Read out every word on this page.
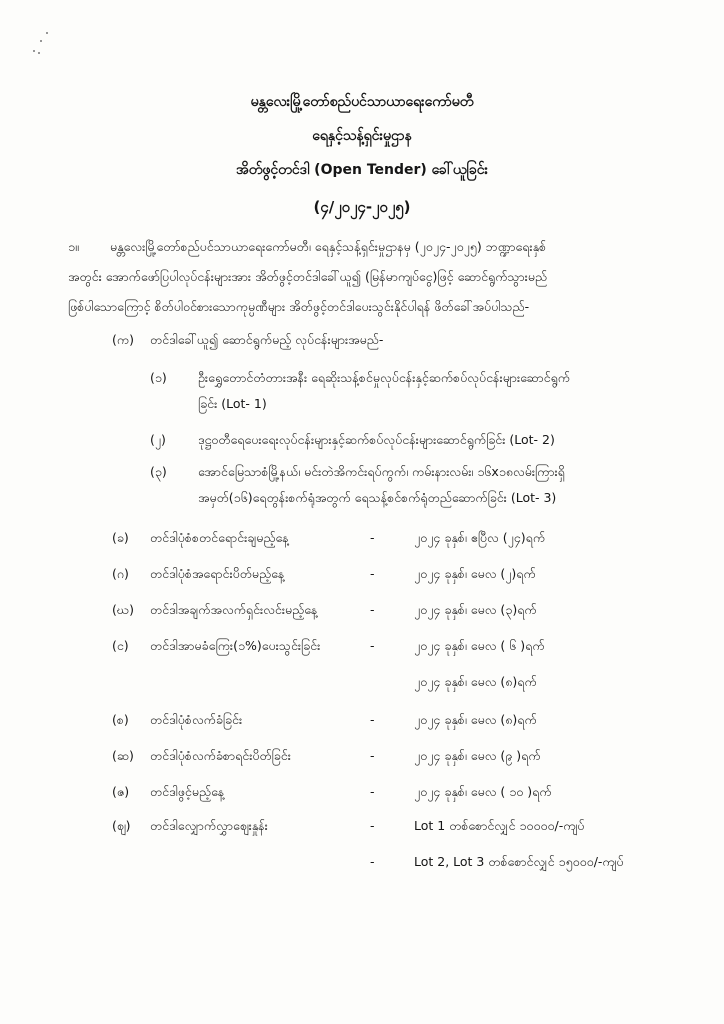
မန္တလေးမြို့တော်စည်ပင်သာယာရေးကော်မတီ
ရေနှင့်သန့်ရှင်းမှုဌာန
အိတ်ဖွင့်တင်ဒါ (Open Tender) ခေါ်ယူခြင်း
(၄/၂၀၂၄-၂၀၂၅)
၁။ မန္တလေးမြို့တော်စည်ပင်သာယာရေးကော်မတီ၊ ရေနှင့်သန့်ရှင်းမှုဌာနမှ (၂၀၂၄-၂၀၂၅) ဘဏ္ဍာရေးနှစ်
အတွင်း အောက်ဖော်ပြပါလုပ်ငန်းများအား အိတ်ဖွင့်တင်ဒါခေါ်ယူ၍ (မြန်မာကျပ်ငွေ)ဖြင့် ဆောင်ရွက်သွားမည်
ဖြစ်ပါသောကြောင့် စိတ်ပါဝင်စားသောကုမ္ပဏီများ အိတ်ဖွင့်တင်ဒါပေးသွင်းနိုင်ပါရန် ဖိတ်ခေါ်အပ်ပါသည်-
(က) တင်ဒါခေါ်ယူ၍ ဆောင်ရွက်မည့် လုပ်ငန်းများအမည်-
(၁) ဦးရွှေတောင်တံတားအနီး ရေဆိုးသန့်စင်မှုလုပ်ငန်းနှင့်ဆက်စပ်လုပ်ငန်းများဆောင်ရွက်
ခြင်း (Lot- 1)
(၂)	ဒုဋ္ဌဝတီရေပေးရေးလုပ်ငန်းများနှင့်ဆက်စပ်လုပ်ငန်းများဆောင်ရွက်ခြင်း (Lot- 2)
(၃) အောင်မြေသာစံမြို့နယ်၊ မင်းတဲအိကင်းရပ်ကွက်၊ ကမ်းနားလမ်း၊ ၁၆x၁၈လမ်းကြားရှိ
အမှတ်(၁၆)ရေတွန်းစက်ရုံအတွက် ရေသန့်စင်စက်ရုံတည်ဆောက်ခြင်း (Lot- 3)
(ခ) တင်ဒါပုံစံစတင်ရောင်းချမည့်နေ့	-	၂၀၂၄ ခုနှစ်၊ ဧပြီလ (၂၄)ရက်
(ဂ) တင်ဒါပုံစံအရောင်းပိတ်မည့်နေ့	-	၂၀၂၄ ခုနှစ်၊ မေလ (၂)ရက်
(ဃ) တင်ဒါအချက်အလက်ရှင်းလင်းမည့်နေ့	-	၂၀၂၄ ခုနှစ်၊ မေလ (၃)ရက်
(င) တင်ဒါအာမခံကြေး(၁%)ပေးသွင်းခြင်း	-	၂၀၂၄ ခုနှစ်၊ မေလ ( ၆ )ရက်
၂၀၂၄ ခုနှစ်၊ မေလ (၈)ရက်
(စ) တင်ဒါပုံစံလက်ခံခြင်း	-	၂၀၂၄ ခုနှစ်၊ မေလ (၈)ရက်
(ဆ) တင်ဒါပုံစံလက်ခံစာရင်းပိတ်ခြင်း	-	၂၀၂၄ ခုနှစ်၊ မေလ (၉ )ရက်
(ဇ) တင်ဒါဖွင့်မည့်နေ့	-	၂၀၂၄ ခုနှစ်၊ မေလ ( ၁၀ )ရက်
(ဈ) တင်ဒါလျှောက်လွှာဈေးနှုန်း	-	Lot 1 တစ်စောင်လျှင် ၁၀၀၀၀/-ကျပ်
-	Lot 2, Lot 3 တစ်စောင်လျှင် ၁၅၀၀၀/-ကျပ်
